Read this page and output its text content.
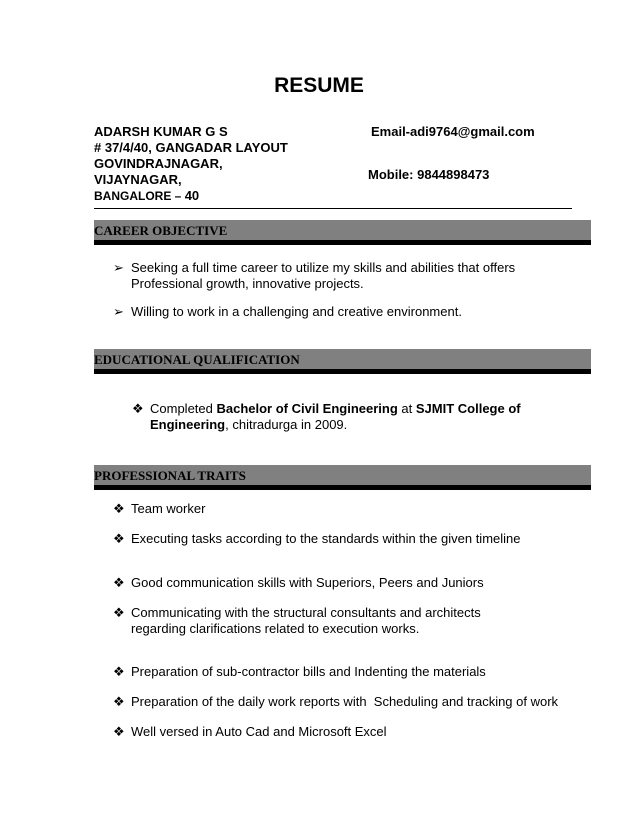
RESUME
ADARSH KUMAR G S
# 37/4/40, GANGADAR LAYOUT
GOVINDRAJNAGAR,
VIJAYNAGAR,
BANGALORE – 40
Email-adi9764@gmail.com
Mobile: 9844898473
CAREER OBJECTIVE
➢ Seeking a full time career to utilize my skills and abilities that offers Professional growth, innovative projects.
➢ Willing to work in a challenging and creative environment.
EDUCATIONAL QUALIFICATION
❖ Completed Bachelor of Civil Engineering at SJMIT College of Engineering, chitradurga in 2009.
PROFESSIONAL TRAITS
❖ Team worker
❖ Executing tasks according to the standards within the given timeline
❖ Good communication skills with Superiors, Peers and Juniors
❖ Communicating with the structural consultants and architects regarding clarifications related to execution works.
❖ Preparation of sub-contractor bills and Indenting the materials
❖ Preparation of the daily work reports with  Scheduling and tracking of work
❖ Well versed in Auto Cad and Microsoft Excel
